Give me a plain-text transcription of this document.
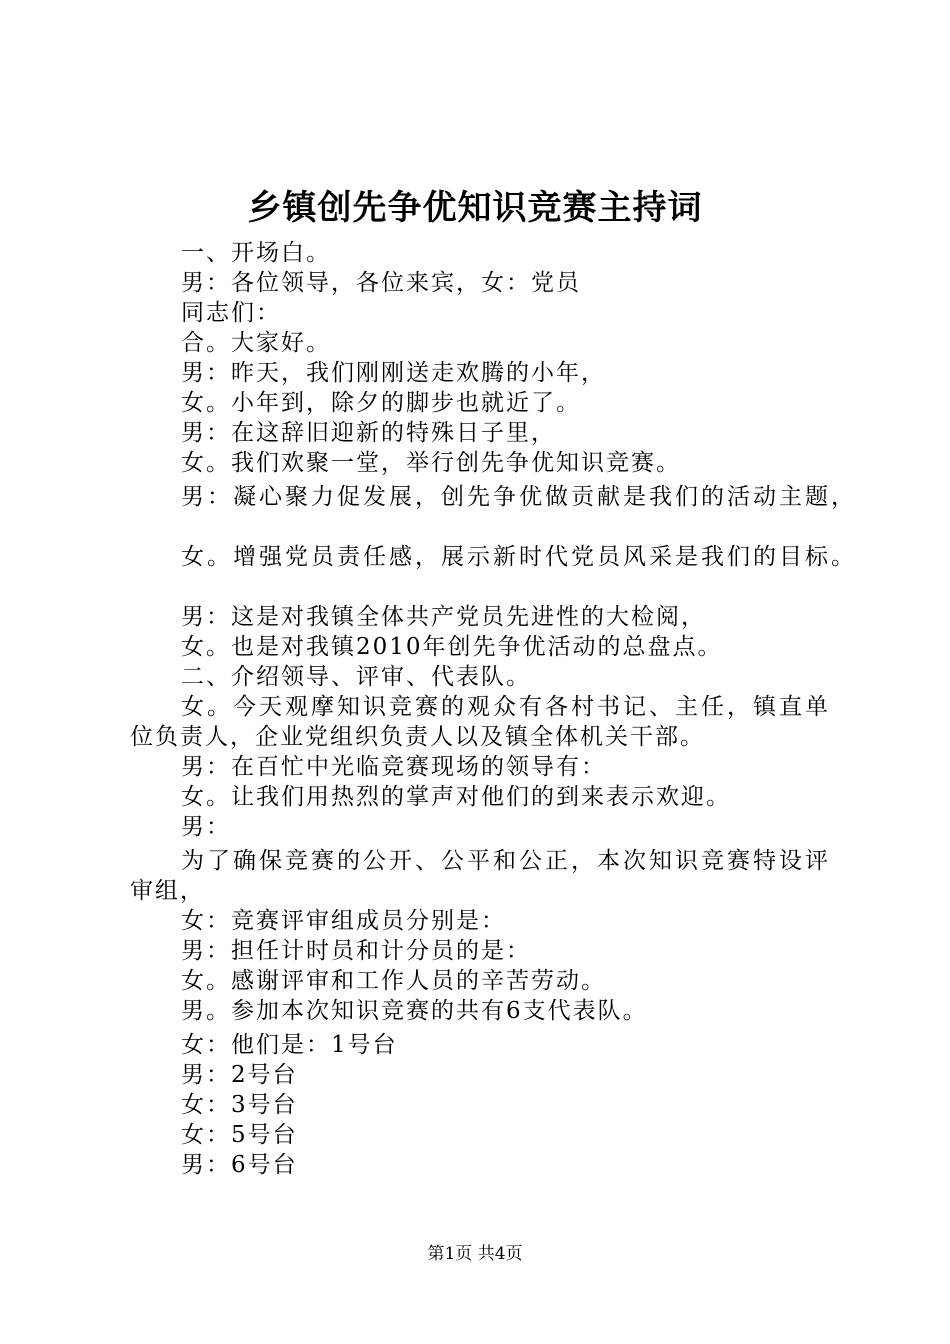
乡镇创先争优知识竞赛主持词
一、开场白。
男：各位领导，各位来宾，女：党员
同志们：
合。大家好。
男：昨天，我们刚刚送走欢腾的小年，
女。小年到，除夕的脚步也就近了。
男：在这辞旧迎新的特殊日子里，
女。我们欢聚一堂，举行创先争优知识竞赛。
男：凝心聚力促发展，创先争优做贡献是我们的活动主题，
女。增强党员责任感，展示新时代党员风采是我们的目标。
男：这是对我镇全体共产党员先进性的大检阅，
女。也是对我镇2010年创先争优活动的总盘点。
二、介绍领导、评审、代表队。
女。今天观摩知识竞赛的观众有各村书记、主任，镇直单
位负责人，企业党组织负责人以及镇全体机关干部。
男：在百忙中光临竞赛现场的领导有：
女。让我们用热烈的掌声对他们的到来表示欢迎。
男：
为了确保竞赛的公开、公平和公正，本次知识竞赛特设评
审组，
女：竞赛评审组成员分别是：
男：担任计时员和计分员的是：
女。感谢评审和工作人员的辛苦劳动。
男。参加本次知识竞赛的共有6支代表队。
女：他们是：1号台
男：2号台
女：3号台
女：5号台
男：6号台
第1页 共4页
